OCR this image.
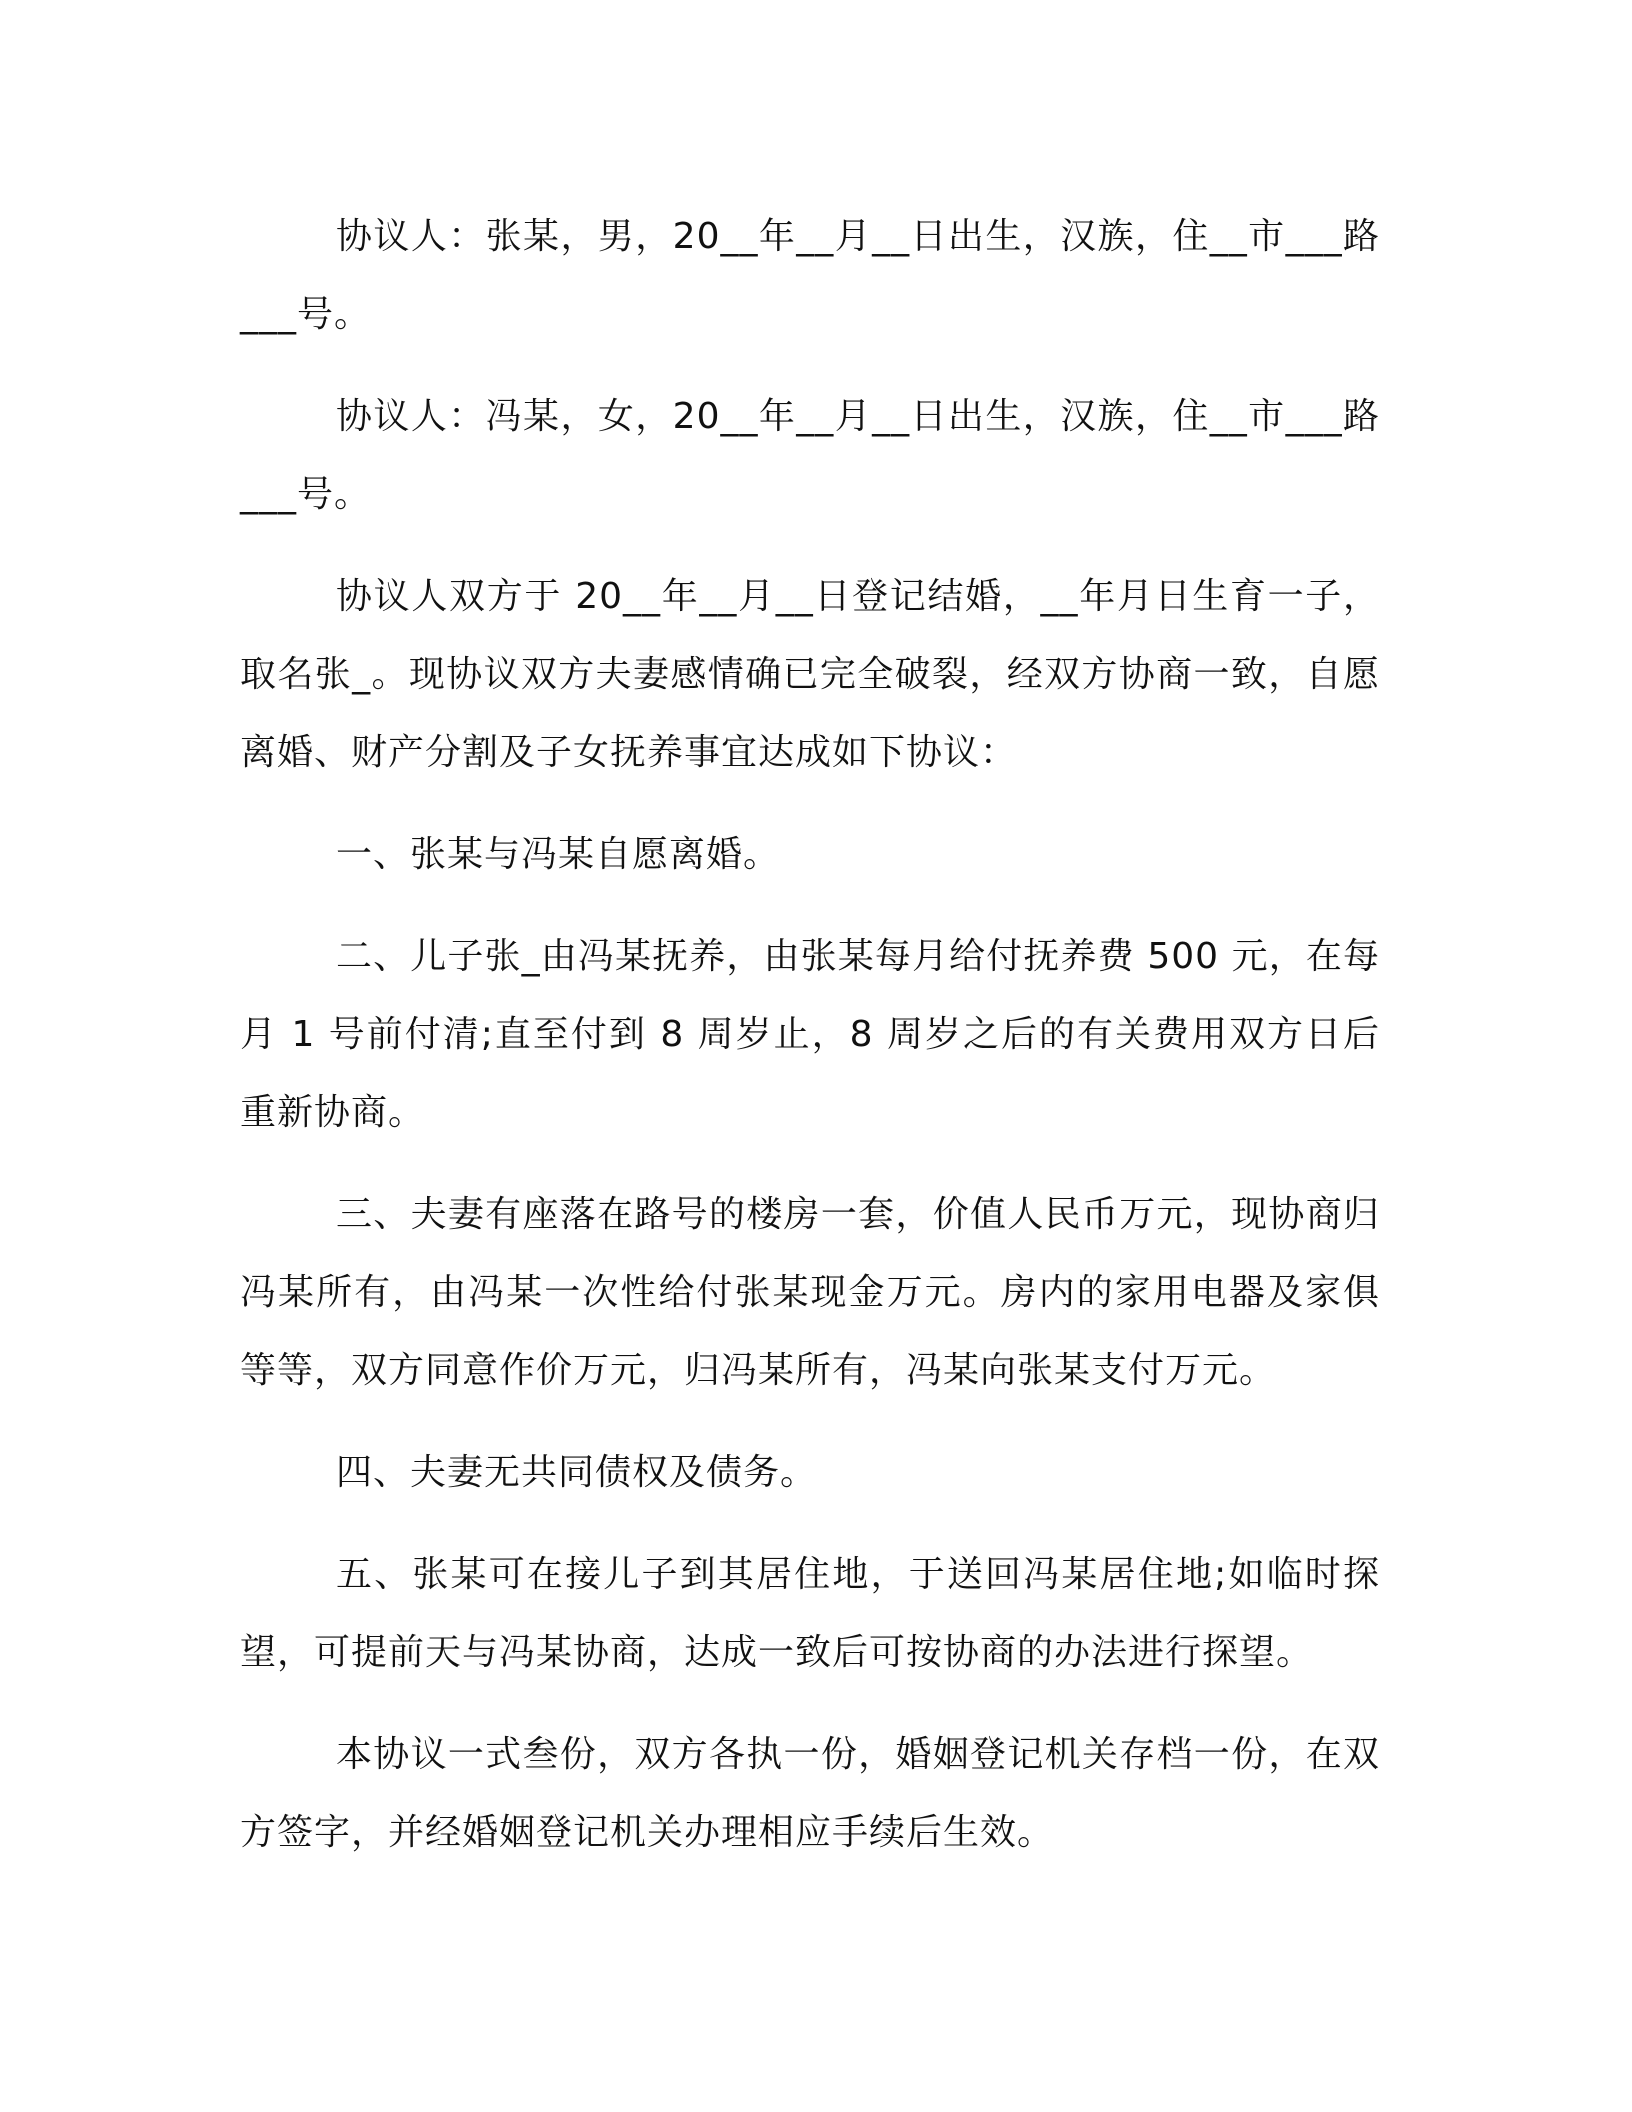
协议人：张某，男，20__年__月__日出生，汉族，住__市___路___号。

协议人：冯某，女，20__年__月__日出生，汉族，住__市___路___号。

协议人双方于 20__年__月__日登记结婚，__年月日生育一子，取名张_。现协议双方夫妻感情确已完全破裂，经双方协商一致，自愿离婚、财产分割及子女抚养事宜达成如下协议：

一、张某与冯某自愿离婚。

二、儿子张_由冯某抚养，由张某每月给付抚养费 500 元，在每月 1 号前付清;直至付到 8 周岁止，8 周岁之后的有关费用双方日后重新协商。

三、夫妻有座落在路号的楼房一套，价值人民币万元，现协商归冯某所有，由冯某一次性给付张某现金万元。房内的家用电器及家俱等等，双方同意作价万元，归冯某所有，冯某向张某支付万元。

四、夫妻无共同债权及债务。

五、张某可在接儿子到其居住地，于送回冯某居住地;如临时探望，可提前天与冯某协商，达成一致后可按协商的办法进行探望。

本协议一式叁份，双方各执一份，婚姻登记机关存档一份，在双方签字，并经婚姻登记机关办理相应手续后生效。
